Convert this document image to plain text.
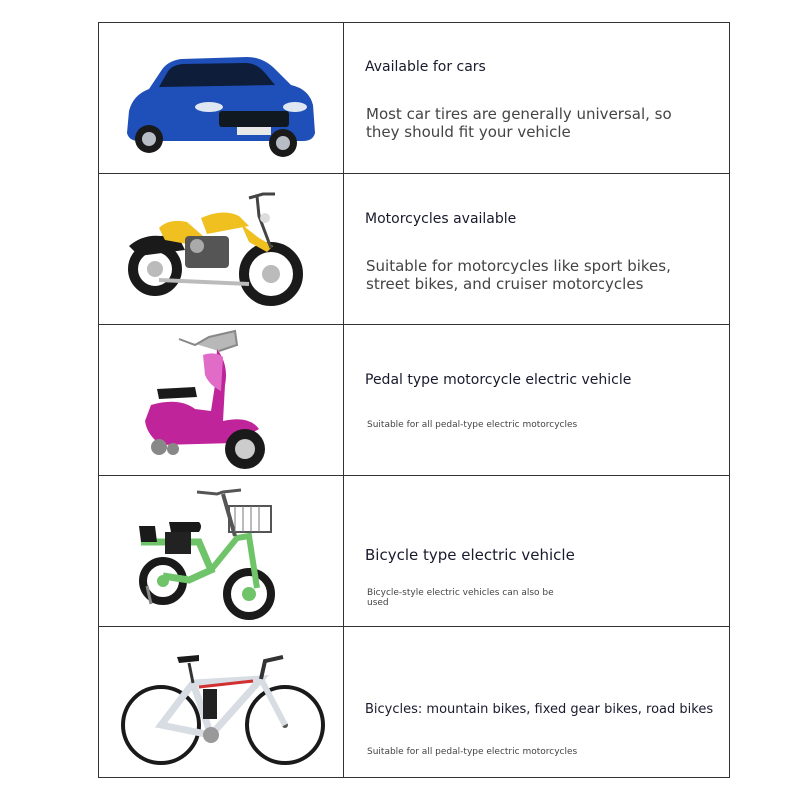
Available for cars
Most car tires are generally universal, so they should fit your vehicle
Motorcycles available
Suitable for motorcycles like sport bikes, street bikes, and cruiser motorcycles
Pedal type motorcycle electric vehicle
Suitable for all pedal-type electric motorcycles
Bicycle type electric vehicle
Bicycle-style electric vehicles can also be used
Bicycles: mountain bikes, fixed gear bikes, road bikes
Suitable for all pedal-type electric motorcycles
